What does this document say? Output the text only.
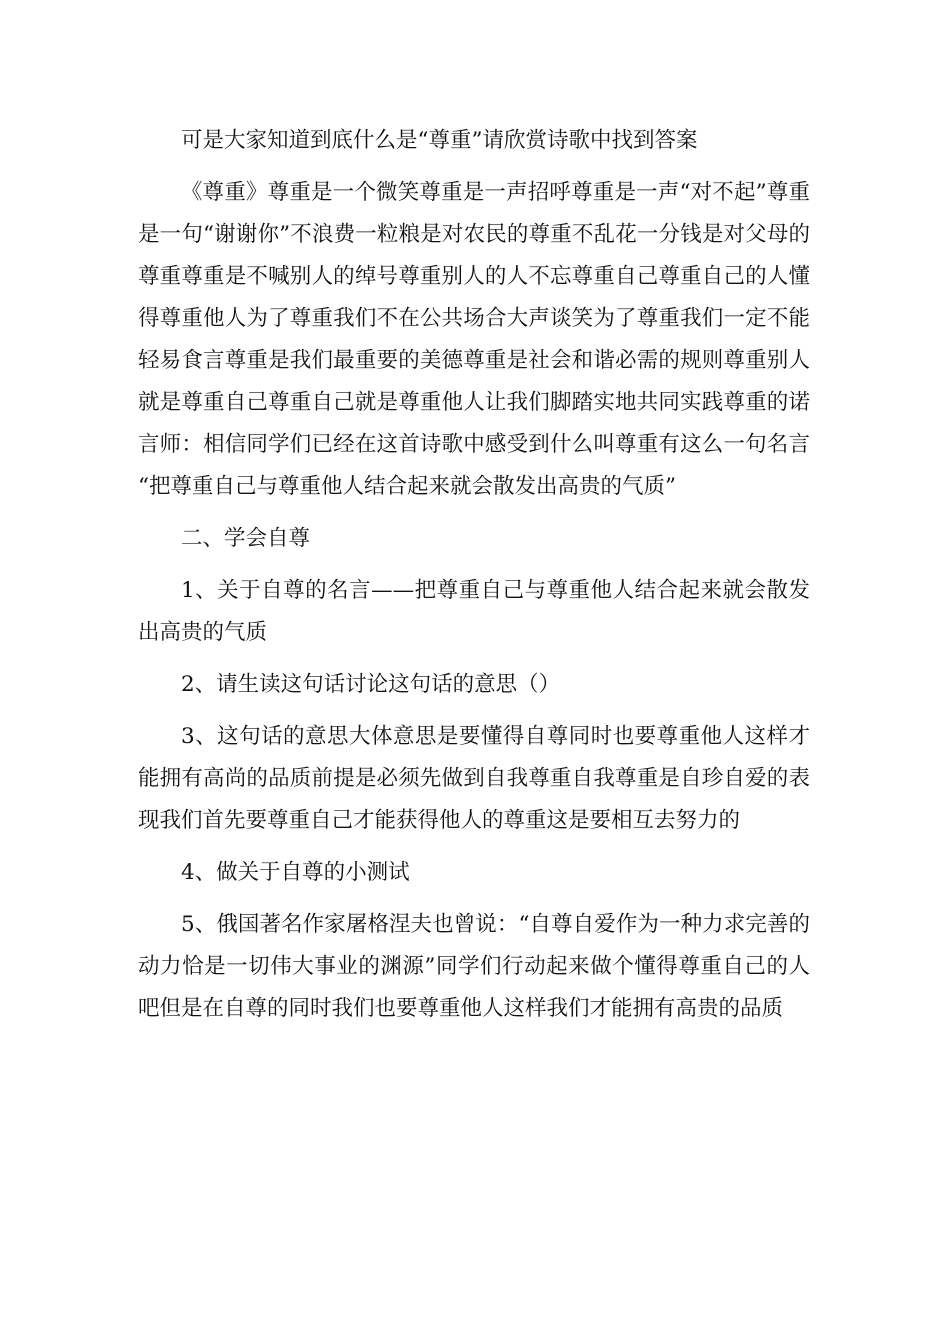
可是大家知道到底什么是“尊重”请欣赏诗歌中找到答案

《尊重》尊重是一个微笑尊重是一声招呼尊重是一声“对不起”尊重是一句“谢谢你”不浪费一粒粮是对农民的尊重不乱花一分钱是对父母的尊重尊重是不喊别人的绰号尊重别人的人不忘尊重自己尊重自己的人懂得尊重他人为了尊重我们不在公共场合大声谈笑为了尊重我们一定不能轻易食言尊重是我们最重要的美德尊重是社会和谐必需的规则尊重别人就是尊重自己尊重自己就是尊重他人让我们脚踏实地共同实践尊重的诺言师：相信同学们已经在这首诗歌中感受到什么叫尊重有这么一句名言“把尊重自己与尊重他人结合起来就会散发出高贵的气质”

二、学会自尊

1、关于自尊的名言——把尊重自己与尊重他人结合起来就会散发出高贵的气质

2、请生读这句话讨论这句话的意思（）

3、这句话的意思大体意思是要懂得自尊同时也要尊重他人这样才能拥有高尚的品质前提是必须先做到自我尊重自我尊重是自珍自爱的表现我们首先要尊重自己才能获得他人的尊重这是要相互去努力的

4、做关于自尊的小测试

5、俄国著名作家屠格涅夫也曾说：“自尊自爱作为一种力求完善的动力恰是一切伟大事业的渊源”同学们行动起来做个懂得尊重自己的人吧但是在自尊的同时我们也要尊重他人这样我们才能拥有高贵的品质
